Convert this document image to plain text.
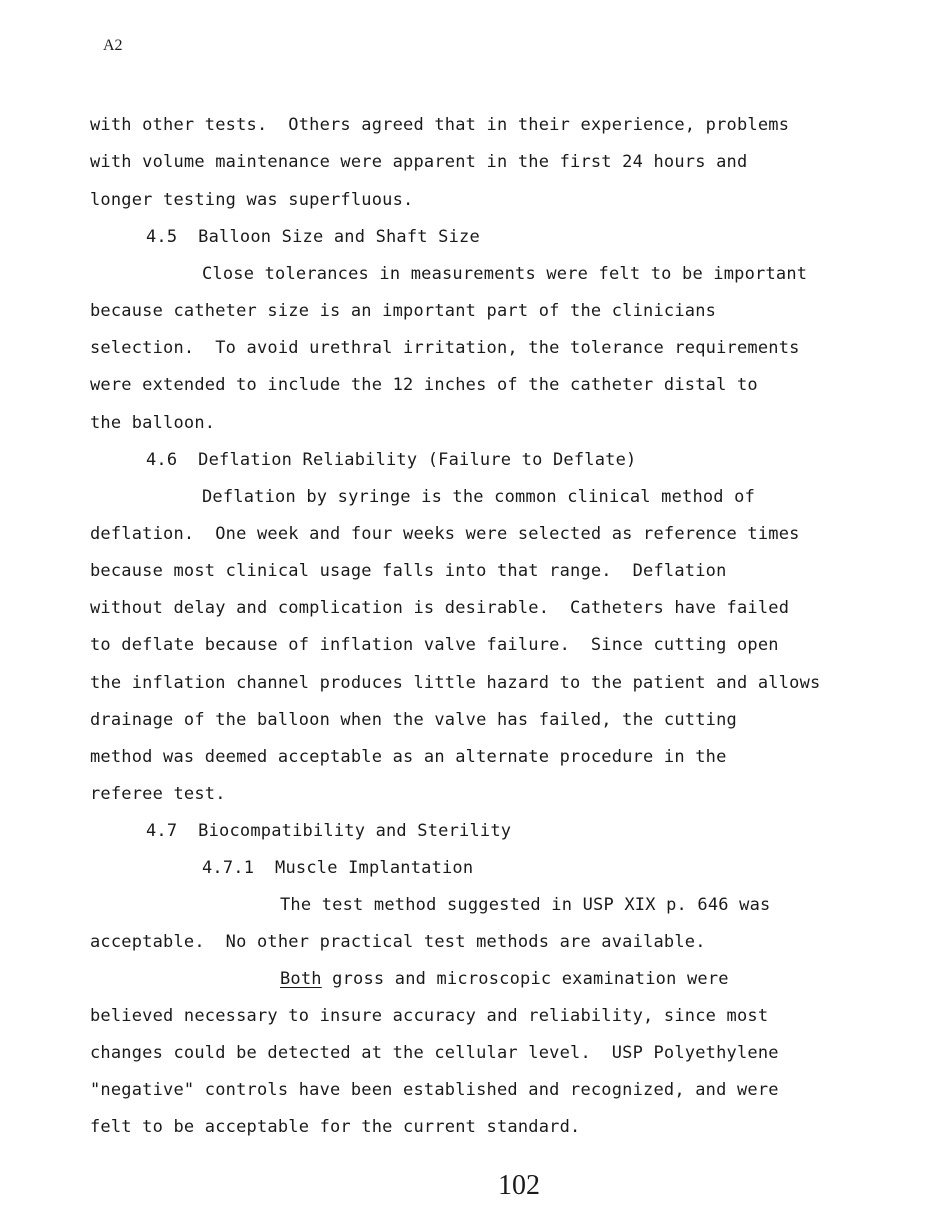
A2
with other tests.  Others agreed that in their experience, problems
with volume maintenance were apparent in the first 24 hours and
longer testing was superfluous.
4.5  Balloon Size and Shaft Size
Close tolerances in measurements were felt to be important
because catheter size is an important part of the clinicians
selection.  To avoid urethral irritation, the tolerance requirements
were extended to include the 12 inches of the catheter distal to
the balloon.
4.6  Deflation Reliability (Failure to Deflate)
Deflation by syringe is the common clinical method of
deflation.  One week and four weeks were selected as reference times
because most clinical usage falls into that range.  Deflation
without delay and complication is desirable.  Catheters have failed
to deflate because of inflation valve failure.  Since cutting open
the inflation channel produces little hazard to the patient and allows
drainage of the balloon when the valve has failed, the cutting
method was deemed acceptable as an alternate procedure in the
referee test.
4.7  Biocompatibility and Sterility
4.7.1  Muscle Implantation
The test method suggested in USP XIX p. 646 was
acceptable.  No other practical test methods are available.
Both gross and microscopic examination were
believed necessary to insure accuracy and reliability, since most
changes could be detected at the cellular level.  USP Polyethylene
"negative" controls have been established and recognized, and were
felt to be acceptable for the current standard.
102
